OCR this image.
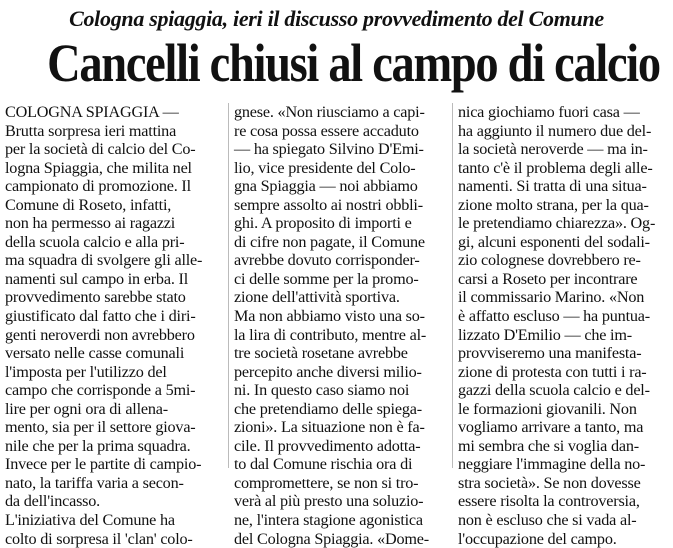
Cologna spiaggia, ieri il discusso provvedimento del Comune
Cancelli chiusi al campo di calcio
COLOGNA SPIAGGIA —
Brutta sorpresa ieri mattina
per la società di calcio del Co-
logna Spiaggia, che milita nel
campionato di promozione. Il
Comune di Roseto, infatti,
non ha permesso ai ragazzi
della scuola calcio e alla pri-
ma squadra di svolgere gli alle-
namenti sul campo in erba. Il
provvedimento sarebbe stato
giustificato dal fatto che i diri-
genti neroverdi non avrebbero
versato nelle casse comunali
l'imposta per l'utilizzo del
campo che corrisponde a 5mi-
lire per ogni ora di allena-
mento, sia per il settore giova-
nile che per la prima squadra.
Invece per le partite di campio-
nato, la tariffa varia a secon-
da dell'incasso.
L'iniziativa del Comune ha
colto di sorpresa il 'clan' colo-
gnese. «Non riusciamo a capi-
re cosa possa essere accaduto
— ha spiegato Silvino D'Emi-
lio, vice presidente del Colo-
gna Spiaggia — noi abbiamo
sempre assolto ai nostri obbli-
ghi. A proposito di importi e
di cifre non pagate, il Comune
avrebbe dovuto corrisponder-
ci delle somme per la promo-
zione dell'attività sportiva.
Ma non abbiamo visto una so-
la lira di contributo, mentre al-
tre società rosetane avrebbe
percepito anche diversi milio-
ni. In questo caso siamo noi
che pretendiamo delle spiega-
zioni». La situazione non è fa-
cile. Il provvedimento adotta-
to dal Comune rischia ora di
compromettere, se non si tro-
verà al più presto una soluzio-
ne, l'intera stagione agonistica
del Cologna Spiaggia. «Dome-
nica giochiamo fuori casa —
ha aggiunto il numero due del-
la società neroverde — ma in-
tanto c'è il problema degli alle-
namenti. Si tratta di una situa-
zione molto strana, per la qua-
le pretendiamo chiarezza». Og-
gi, alcuni esponenti del sodali-
zio colognese dovrebbero re-
carsi a Roseto per incontrare
il commissario Marino. «Non
è affatto escluso — ha puntua-
lizzato D'Emilio — che im-
provviseremo una manifesta-
zione di protesta con tutti i ra-
gazzi della scuola calcio e del-
le formazioni giovanili. Non
vogliamo arrivare a tanto, ma
mi sembra che si voglia dan-
neggiare l'immagine della no-
stra società». Se non dovesse
essere risolta la controversia,
non è escluso che si vada al-
l'occupazione del campo.
